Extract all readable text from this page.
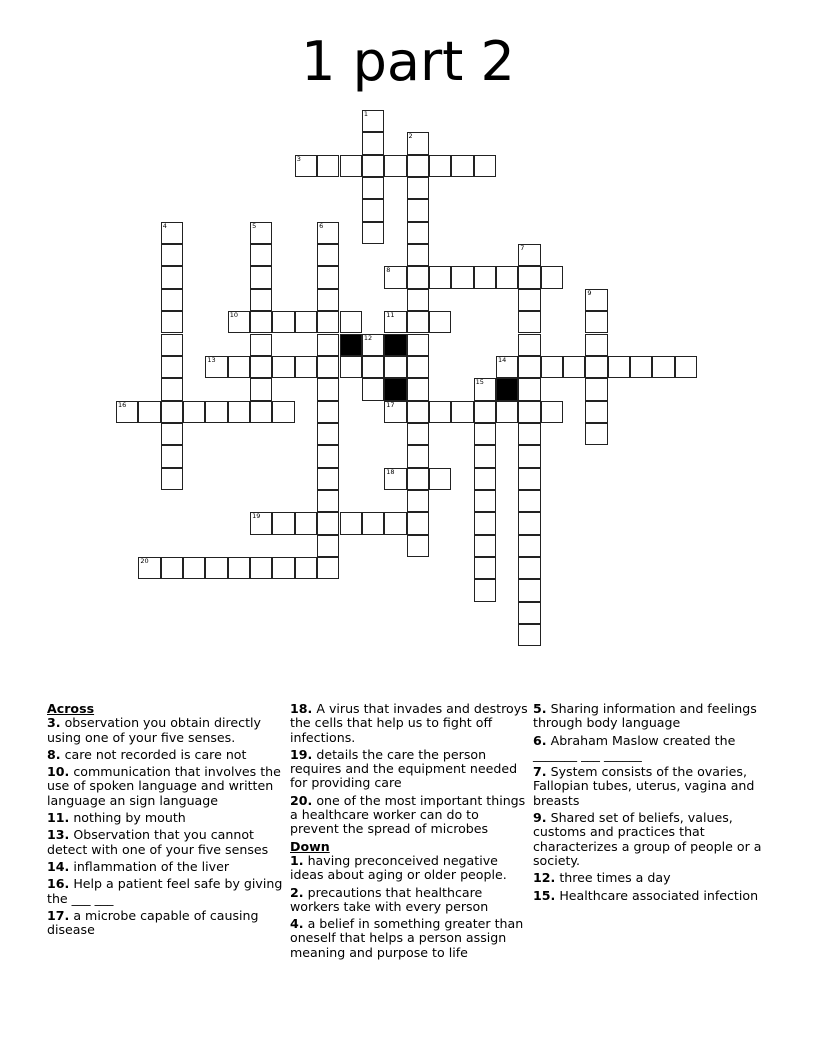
1 part 2
1
2
3
4	5	6
7
8
9
10	11
12
13	14
15
16	17
18
19
20
Across
3. observation you obtain directly using one of your five senses.
8. care not recorded is care not
10. communication that involves the use of spoken language and written language an sign language
11. nothing by mouth
13. Observation that you cannot detect with one of your five senses
14. inflammation of the liver
16. Help a patient feel safe by giving the ___ ___
17. a microbe capable of causing disease
18. A virus that invades and destroys the cells that help us to fight off infections.
19. details the care the person requires and the equipment needed for providing care
20. one of the most important things a healthcare worker can do to prevent the spread of microbes
Down
1. having preconceived negative ideas about aging or older people.
2. precautions that healthcare workers take with every person
4. a belief in something greater than oneself that helps a person assign meaning and purpose to life
5. Sharing information and feelings through body language
6. Abraham Maslow created the _______ ___ ______
7. System consists of the ovaries, Fallopian tubes, uterus, vagina and breasts
9. Shared set of beliefs, values, customs and practices that characterizes a group of people or a society.
12. three times a day
15. Healthcare associated infection
